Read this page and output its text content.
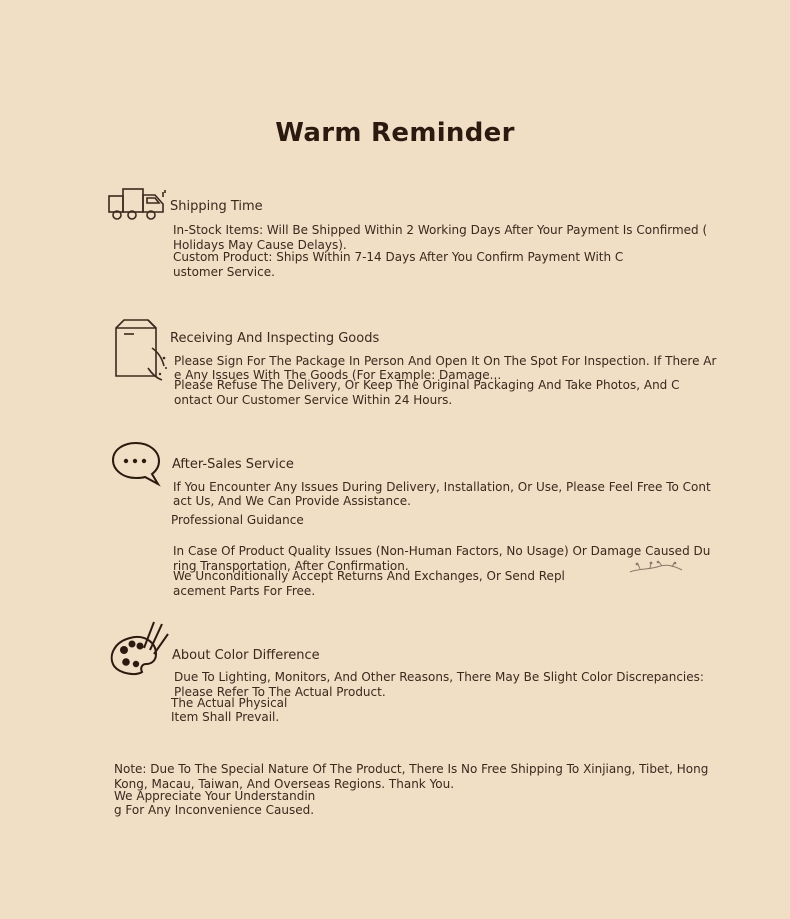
Warm Reminder
Shipping Time
In-Stock Items: Will Be Shipped Within 2 Working Days After Your Payment Is Confirmed (
Holidays May Cause Delays).
Custom Product: Ships Within 7-14 Days After You Confirm Payment With C
ustomer Service.
Receiving And Inspecting Goods
Please Sign For The Package In Person And Open It On The Spot For Inspection. If There Ar
e Any Issues With The Goods (For Example: Damage...
Please Refuse The Delivery, Or Keep The Original Packaging And Take Photos, And C
ontact Our Customer Service Within 24 Hours.
After-Sales Service
If You Encounter Any Issues During Delivery, Installation, Or Use, Please Feel Free To Cont
act Us, And We Can Provide Assistance.
Professional Guidance
In Case Of Product Quality Issues (Non-Human Factors, No Usage) Or Damage Caused Du
ring Transportation, After Confirmation.
We Unconditionally Accept Returns And Exchanges, Or Send Repl
acement Parts For Free.
About Color Difference
Due To Lighting, Monitors, And Other Reasons, There May Be Slight Color Discrepancies:
Please Refer To The Actual Product.
The Actual Physical
Item Shall Prevail.
Note: Due To The Special Nature Of The Product, There Is No Free Shipping To Xinjiang, Tibet, Hong
Kong, Macau, Taiwan, And Overseas Regions. Thank You.
We Appreciate Your Understandin
g For Any Inconvenience Caused.
